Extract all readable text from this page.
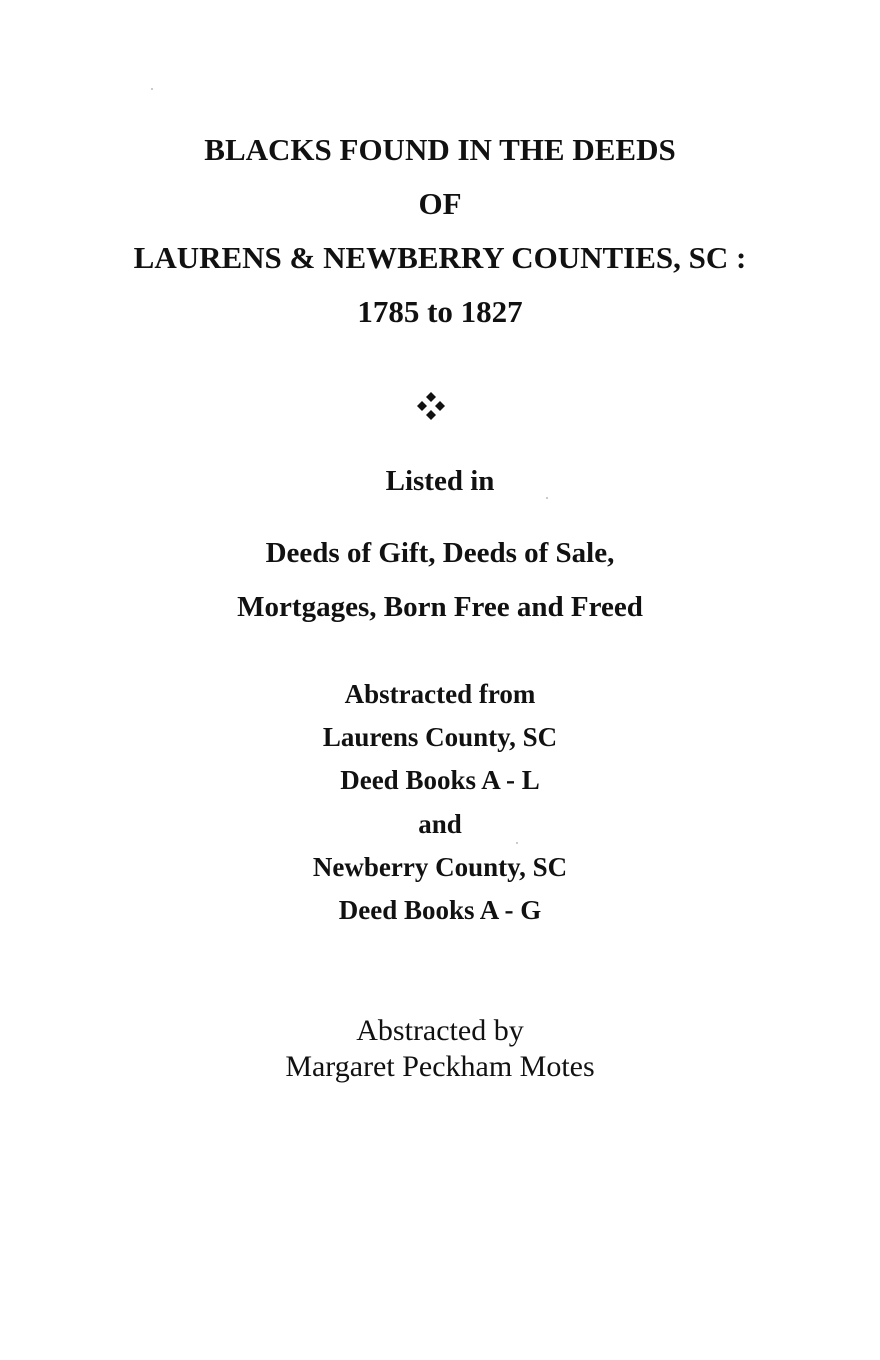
BLACKS FOUND IN THE DEEDS
OF
LAURENS & NEWBERRY COUNTIES, SC :
1785 to 1827
Listed in
Deeds of Gift, Deeds of Sale,
Mortgages, Born Free and Freed
Abstracted from
Laurens County, SC
Deed Books A - L
and
Newberry County, SC
Deed Books A - G
Abstracted by
Margaret Peckham Motes
